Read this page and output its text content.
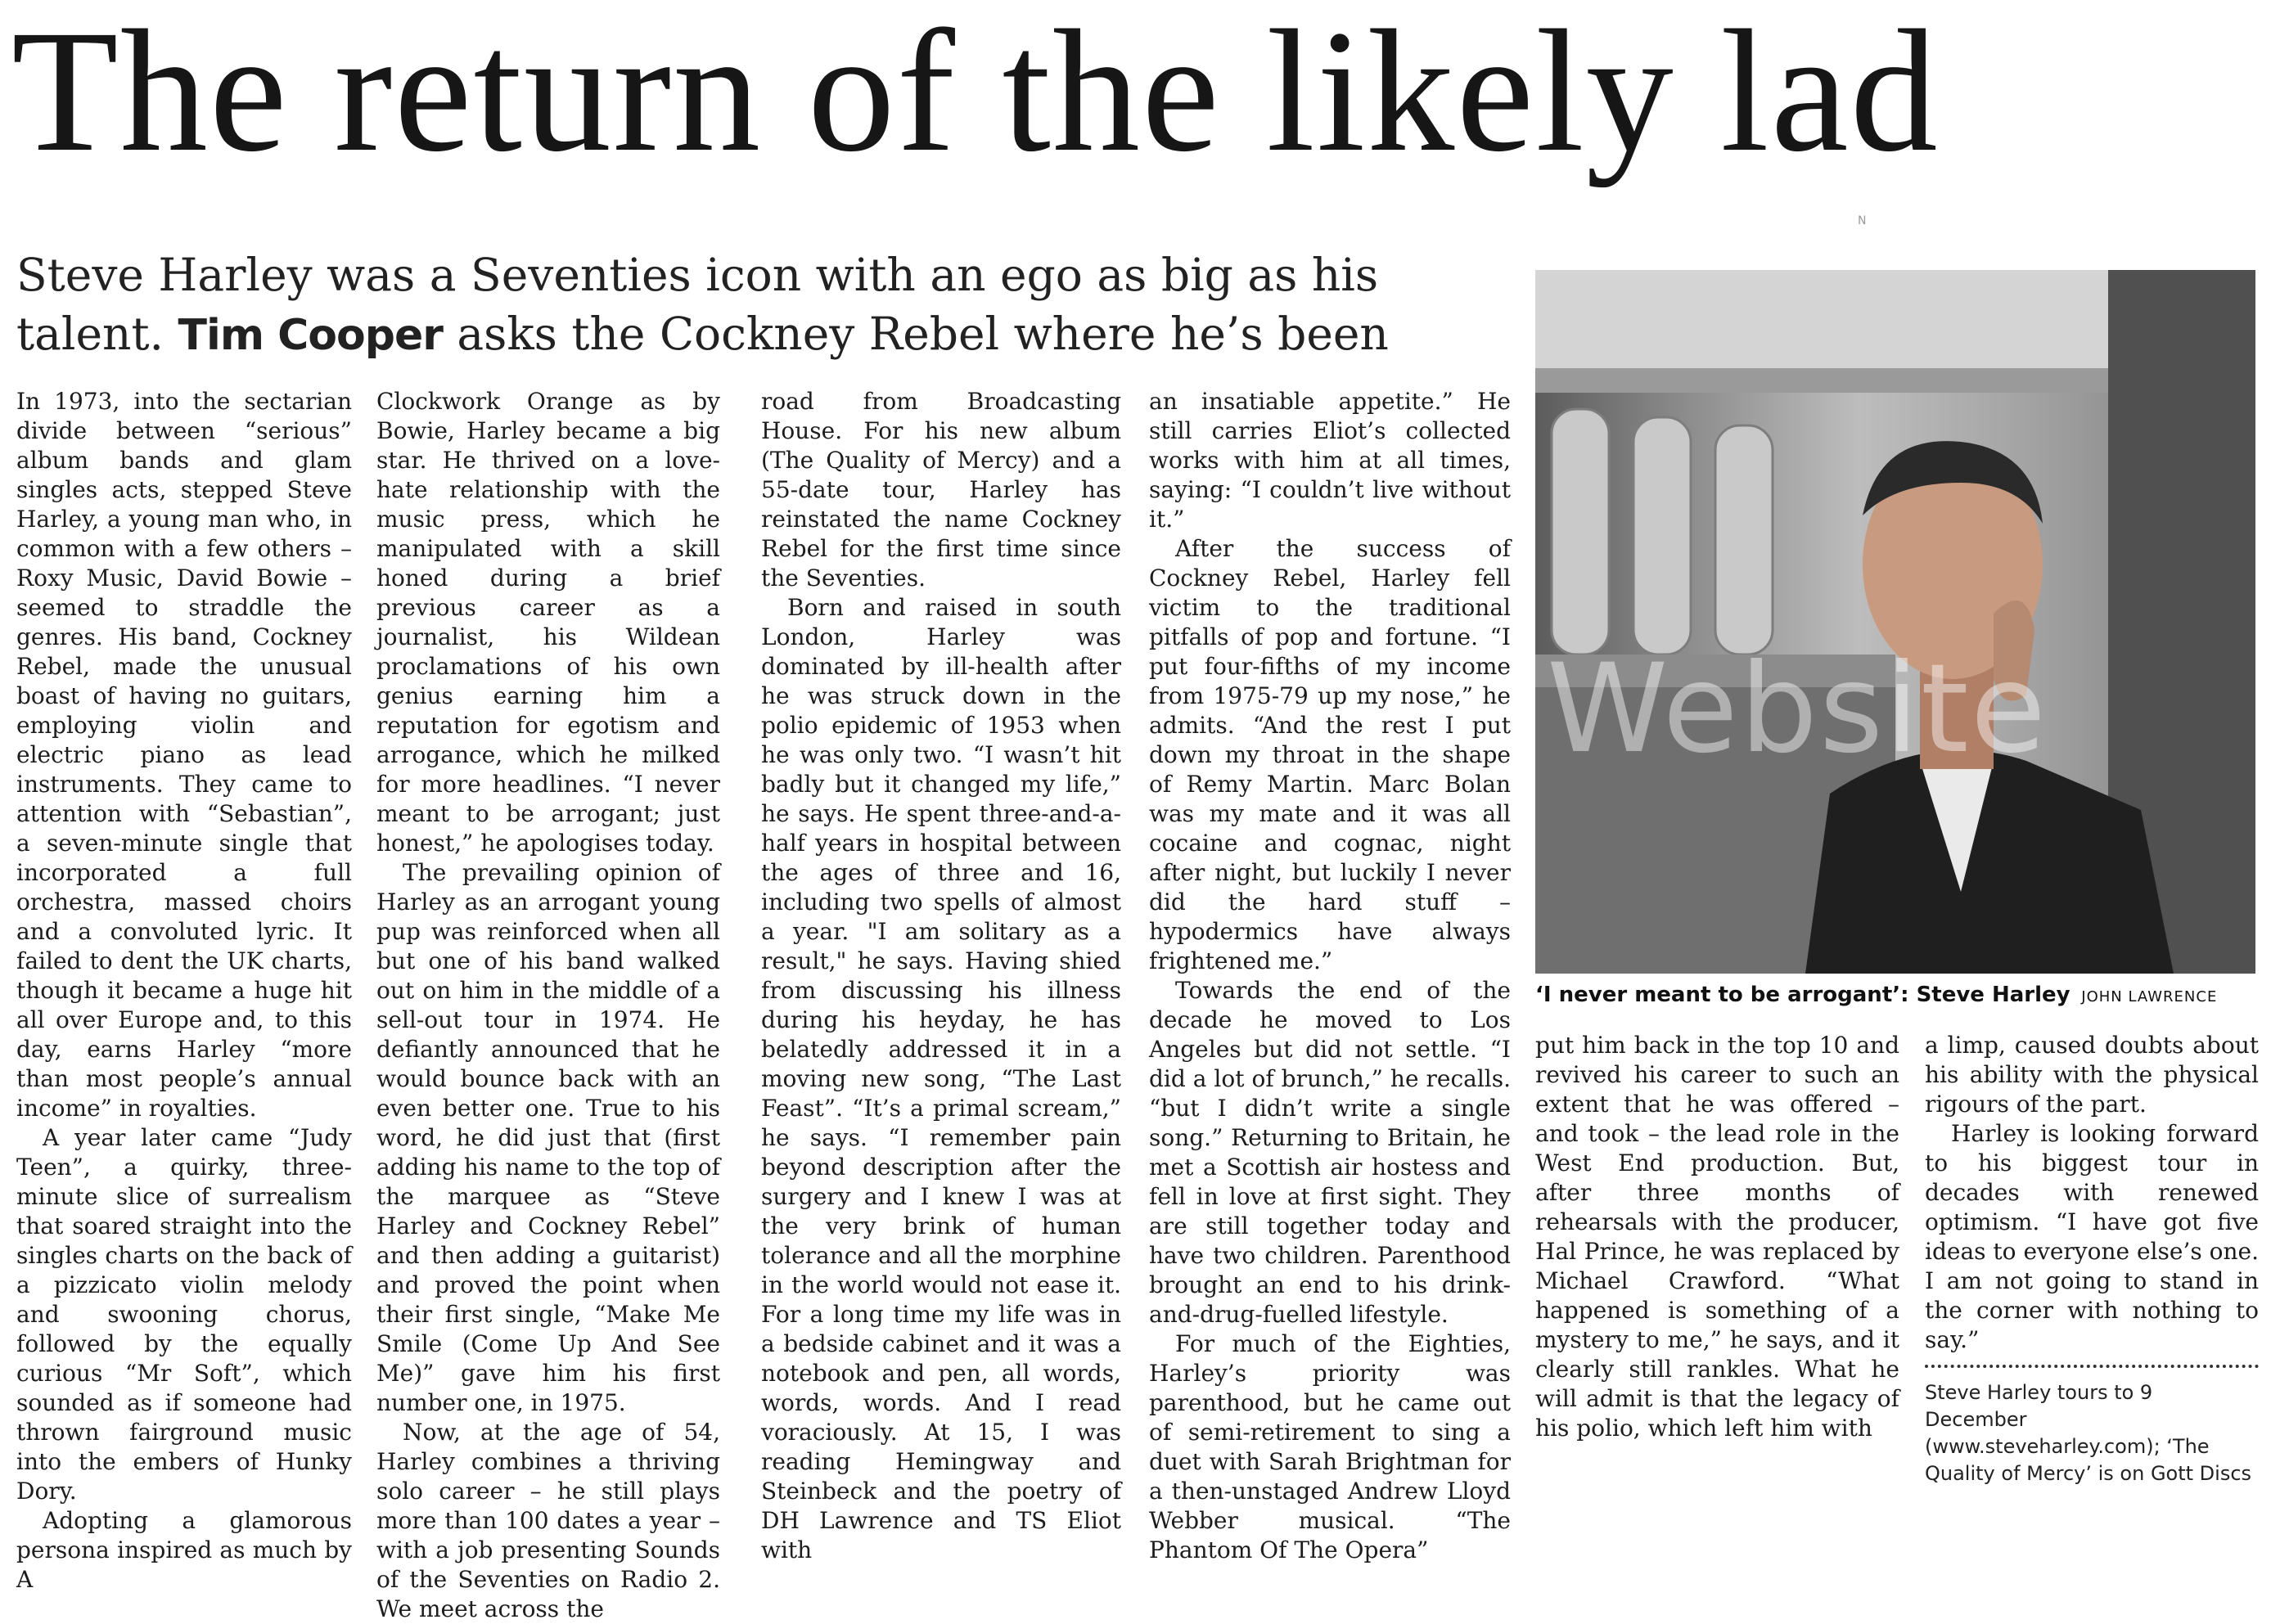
The return of the likely lad
N

Steve Harley was a Seventies icon with an ego as big as his talent. Tim Cooper asks the Cockney Rebel where he’s been

In 1973, into the sectarian divide between “serious” album bands and glam singles acts, stepped Steve Harley, a young man who, in common with a few others – Roxy Music, David Bowie – seemed to straddle the genres. His band, Cockney Rebel, made the unusual boast of having no guitars, employing violin and electric piano as lead instruments. They came to attention with “Sebastian”, a seven-minute single that incorporated a full orchestra, massed choirs and a convoluted lyric. It failed to dent the UK charts, though it became a huge hit all over Europe and, to this day, earns Harley “more than most people’s annual income” in royalties.

A year later came “Judy Teen”, a quirky, three-minute slice of surrealism that soared straight into the singles charts on the back of a pizzicato violin melody and swooning chorus, followed by the equally curious “Mr Soft”, which sounded as if someone had thrown fairground music into the embers of Hunky Dory.

Adopting a glamorous persona inspired as much by A

Clockwork Orange as by Bowie, Harley became a big star. He thrived on a love-hate relationship with the music press, which he manipulated with a skill honed during a brief previous career as a journalist, his Wildean proclamations of his own genius earning him a reputation for egotism and arrogance, which he milked for more headlines. “I never meant to be arrogant; just honest,” he apologises today.

The prevailing opinion of Harley as an arrogant young pup was reinforced when all but one of his band walked out on him in the middle of a sell-out tour in 1974. He defiantly announced that he would bounce back with an even better one. True to his word, he did just that (first adding his name to the top of the marquee as “Steve Harley and Cockney Rebel” and then adding a guitarist) and proved the point when their first single, “Make Me Smile (Come Up And See Me)” gave him his first number one, in 1975.

Now, at the age of 54, Harley combines a thriving solo career – he still plays more than 100 dates a year – with a job presenting Sounds of the Seventies on Radio 2. We meet across the

road from Broadcasting House. For his new album (The Quality of Mercy) and a 55-date tour, Harley has reinstated the name Cockney Rebel for the first time since the Seventies.

Born and raised in south London, Harley was dominated by ill-health after he was struck down in the polio epidemic of 1953 when he was only two. “I wasn’t hit badly but it changed my life,” he says. He spent three-and-a-half years in hospital between the ages of three and 16, including two spells of almost a year. "I am solitary as a result," he says. Having shied from discussing his illness during his heyday, he has belatedly addressed it in a moving new song, “The Last Feast”. “It’s a primal scream,” he says. “I remember pain beyond description after the surgery and I knew I was at the very brink of human tolerance and all the morphine in the world would not ease it. For a long time my life was in a bedside cabinet and it was a notebook and pen, all words, words, words. And I read voraciously. At 15, I was reading Hemingway and Steinbeck and the poetry of DH Lawrence and TS Eliot with

an insatiable appetite.” He still carries Eliot’s collected works with him at all times, saying: “I couldn’t live without it.”

After the success of Cockney Rebel, Harley fell victim to the traditional pitfalls of pop and fortune. “I put four-fifths of my income from 1975-79 up my nose,” he admits. “And the rest I put down my throat in the shape of Remy Martin. Marc Bolan was my mate and it was all cocaine and cognac, night after night, but luckily I never did the hard stuff – hypodermics have always frightened me.”

Towards the end of the decade he moved to Los Angeles but did not settle. “I did a lot of brunch,” he recalls. “but I didn’t write a single song.” Returning to Britain, he met a Scottish air hostess and fell in love at first sight. They are still together today and have two children. Parenthood brought an end to his drink-and-drug-fuelled lifestyle.

For much of the Eighties, Harley’s priority was parenthood, but he came out of semi-retirement to sing a duet with Sarah Brightman for a then-unstaged Andrew Lloyd Webber musical. “The Phantom Of The Opera”

Website
‘I never meant to be arrogant’: Steve Harley JOHN LAWRENCE

put him back in the top 10 and revived his career to such an extent that he was offered – and took – the lead role in the West End production. But, after three months of rehearsals with the producer, Hal Prince, he was replaced by Michael Crawford. “What happened is something of a mystery to me,” he says, and it clearly still rankles. What he will admit is that the legacy of his polio, which left him with

a limp, caused doubts about his ability with the physical rigours of the part.

Harley is looking forward to his biggest tour in decades with renewed optimism. “I have got five ideas to everyone else’s one. I am not going to stand in the corner with nothing to say.”

Steve Harley tours to 9 December (www.steveharley.com); ‘The Quality of Mercy’ is on Gott Discs
